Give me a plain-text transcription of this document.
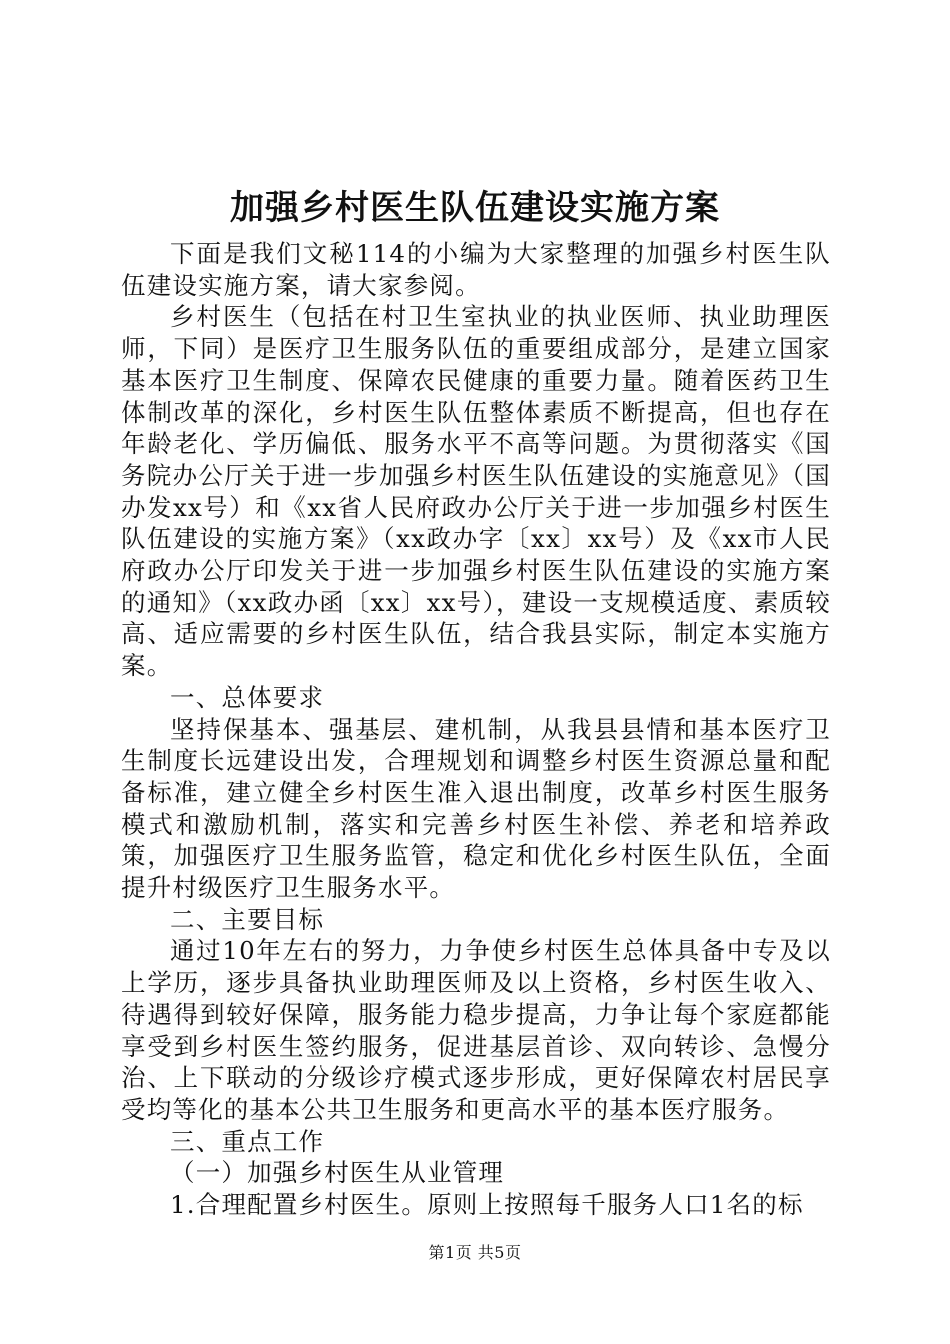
加强乡村医生队伍建设实施方案

下面是我们文秘114的小编为大家整理的加强乡村医生队伍建设实施方案，请大家参阅。

乡村医生（包括在村卫生室执业的执业医师、执业助理医师，下同）是医疗卫生服务队伍的重要组成部分，是建立国家基本医疗卫生制度、保障农民健康的重要力量。随着医药卫生体制改革的深化，乡村医生队伍整体素质不断提高，但也存在年龄老化、学历偏低、服务水平不高等问题。为贯彻落实《国务院办公厅关于进一步加强乡村医生队伍建设的实施意见》（国办发xx号）和《xx省人民府政办公厅关于进一步加强乡村医生队伍建设的实施方案》（xx政办字〔xx〕xx号）及《xx市人民府政办公厅印发关于进一步加强乡村医生队伍建设的实施方案的通知》（xx政办函〔xx〕xx号），建设一支规模适度、素质较高、适应需要的乡村医生队伍，结合我县实际，制定本实施方案。

一、总体要求

坚持保基本、强基层、建机制，从我县县情和基本医疗卫生制度长远建设出发，合理规划和调整乡村医生资源总量和配备标准，建立健全乡村医生准入退出制度，改革乡村医生服务模式和激励机制，落实和完善乡村医生补偿、养老和培养政策，加强医疗卫生服务监管，稳定和优化乡村医生队伍，全面提升村级医疗卫生服务水平。

二、主要目标

通过10年左右的努力，力争使乡村医生总体具备中专及以上学历，逐步具备执业助理医师及以上资格，乡村医生收入、待遇得到较好保障，服务能力稳步提高，力争让每个家庭都能享受到乡村医生签约服务，促进基层首诊、双向转诊、急慢分治、上下联动的分级诊疗模式逐步形成，更好保障农村居民享受均等化的基本公共卫生服务和更高水平的基本医疗服务。

三、重点工作

（一）加强乡村医生从业管理

1.合理配置乡村医生。原则上按照每千服务人口1名的标

第1页 共5页
